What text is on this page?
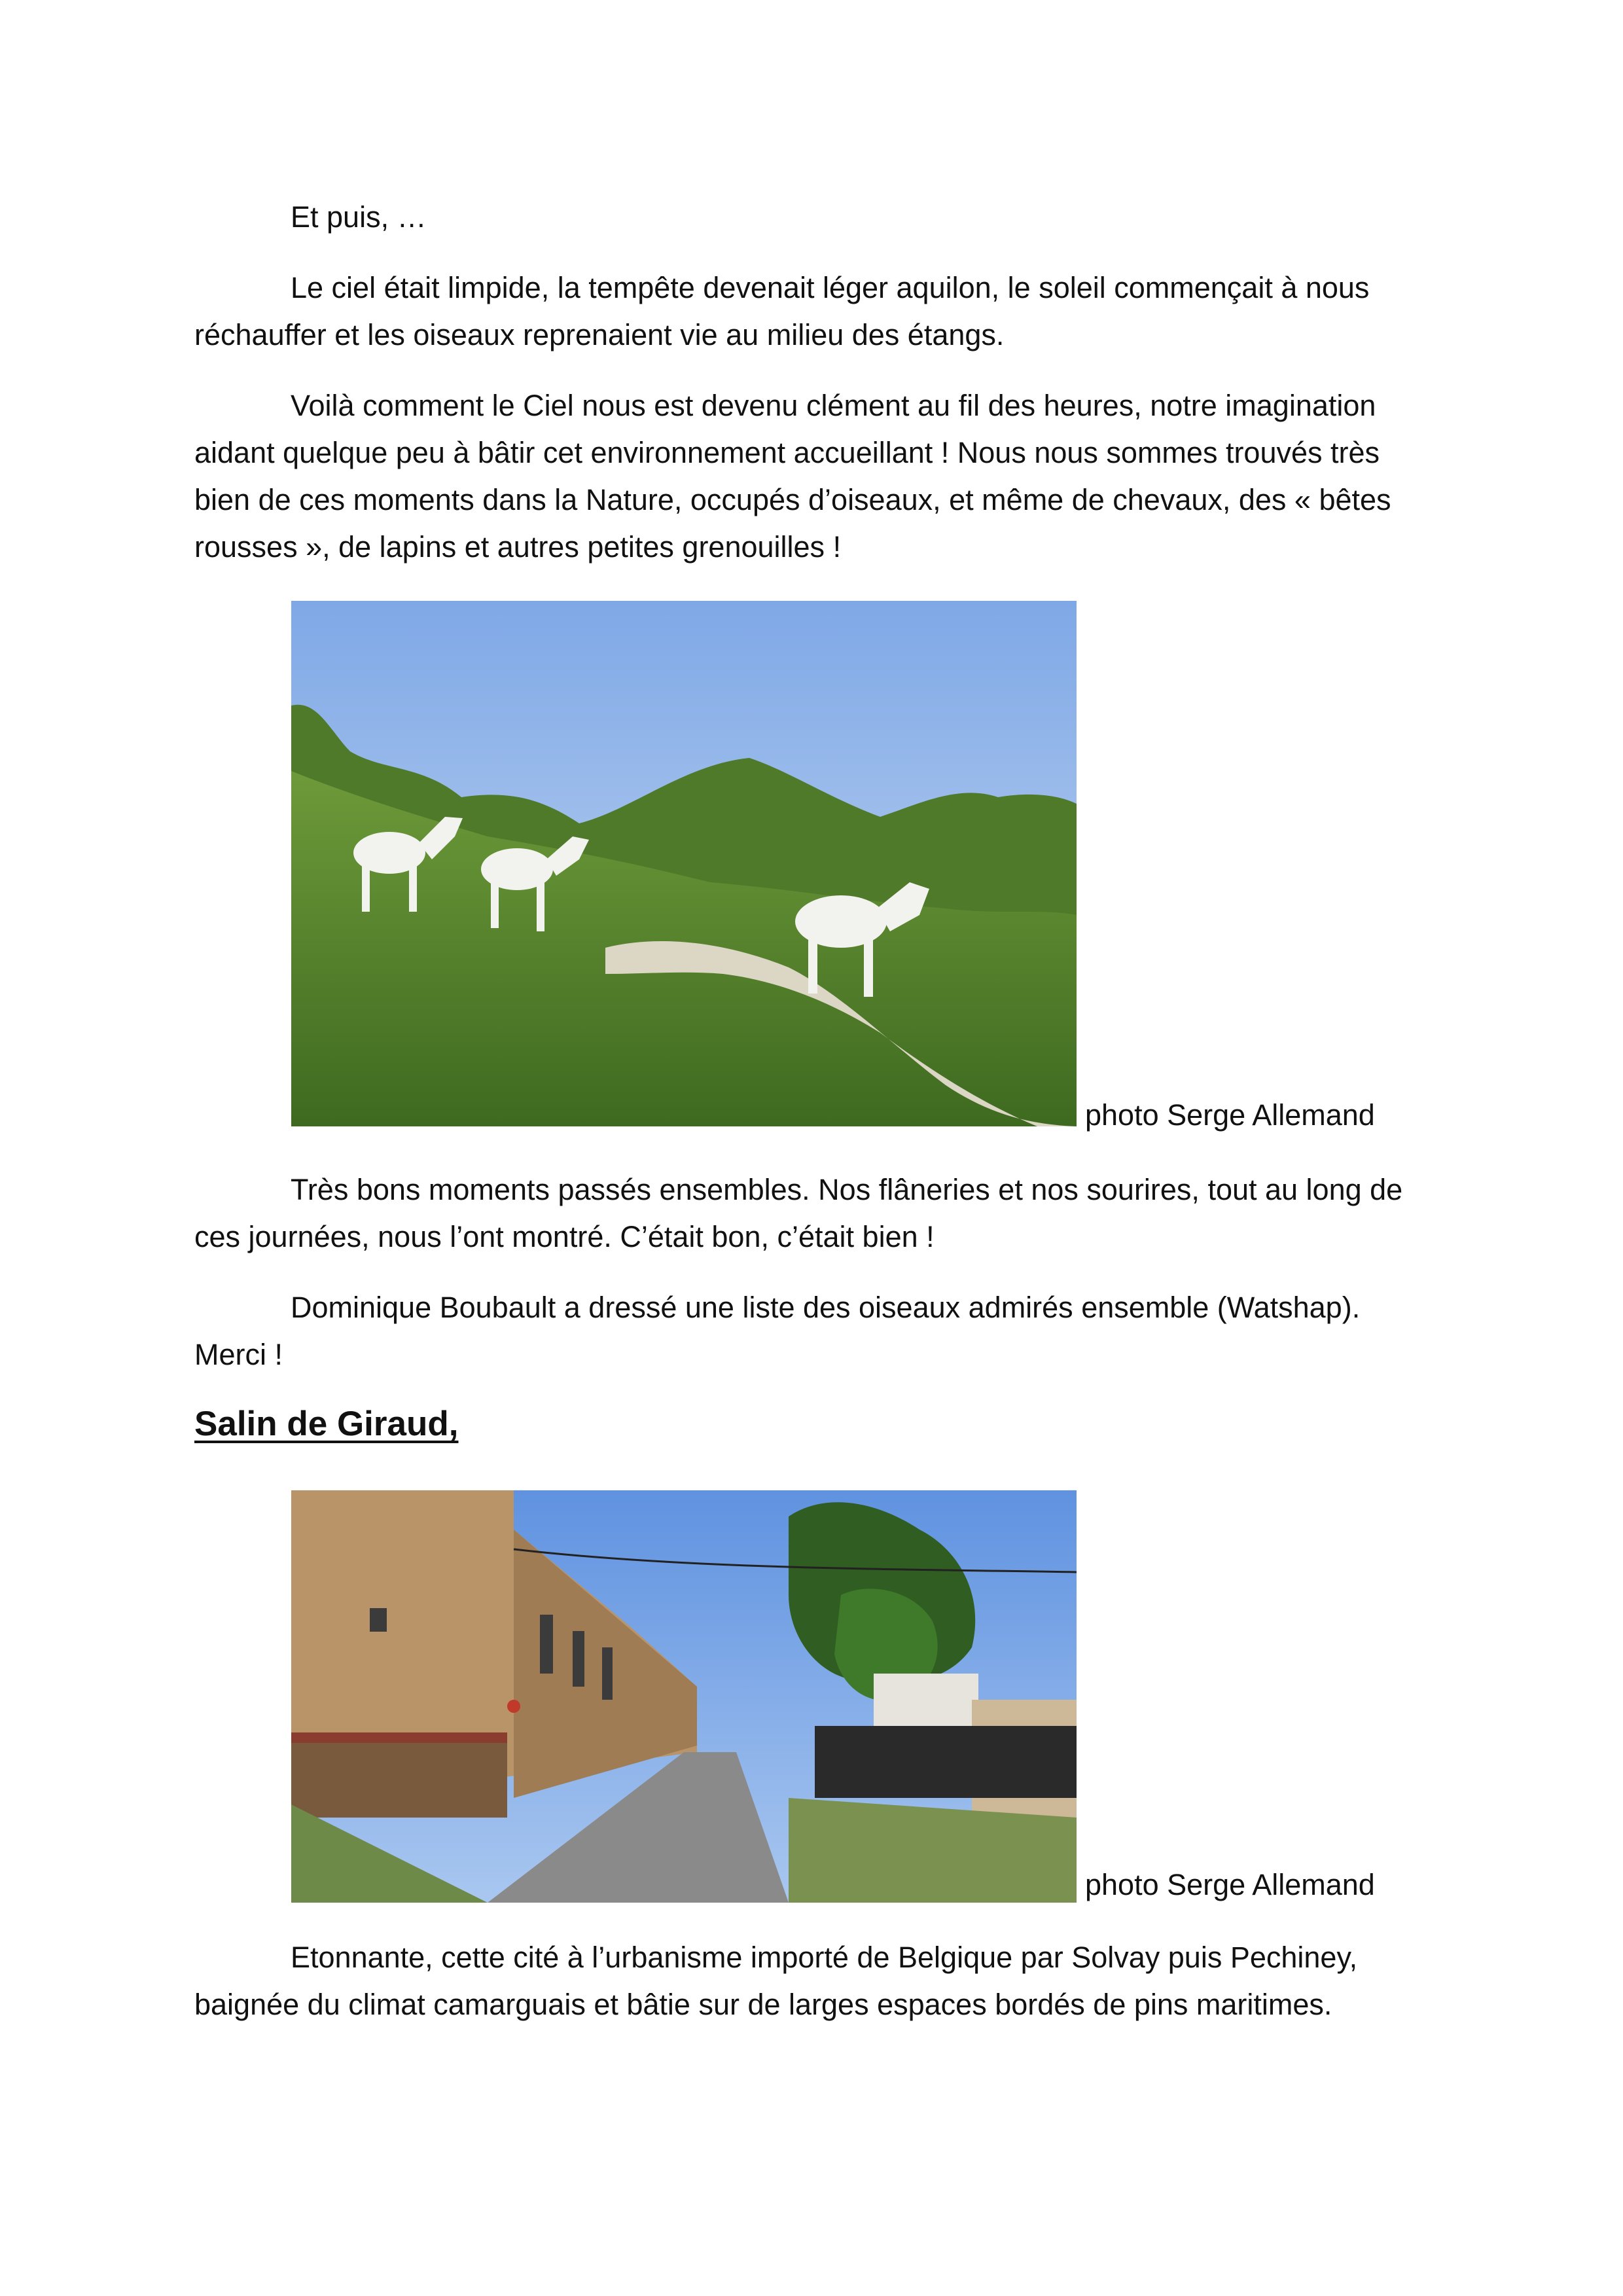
Et puis, …

Le ciel était limpide, la tempête devenait léger aquilon, le soleil commençait à nous réchauffer et les oiseaux reprenaient vie au milieu des étangs.

Voilà comment le Ciel nous est devenu clément au fil des heures, notre imagination aidant quelque peu à bâtir cet environnement accueillant ! Nous nous sommes trouvés très bien de ces moments dans la Nature, occupés d’oiseaux, et même de chevaux, des « bêtes rousses », de lapins et autres petites grenouilles !

photo Serge Allemand

Très bons moments passés ensembles. Nos flâneries et nos sourires, tout au long de ces journées, nous l’ont montré. C’était bon, c’était bien !

Dominique Boubault a dressé une liste des oiseaux admirés ensemble (Watshap). Merci !

Salin de Giraud,
photo Serge Allemand

Etonnante, cette cité à l’urbanisme importé de Belgique par Solvay puis Pechiney, baignée du climat camarguais et bâtie sur de larges espaces bordés de pins maritimes.
